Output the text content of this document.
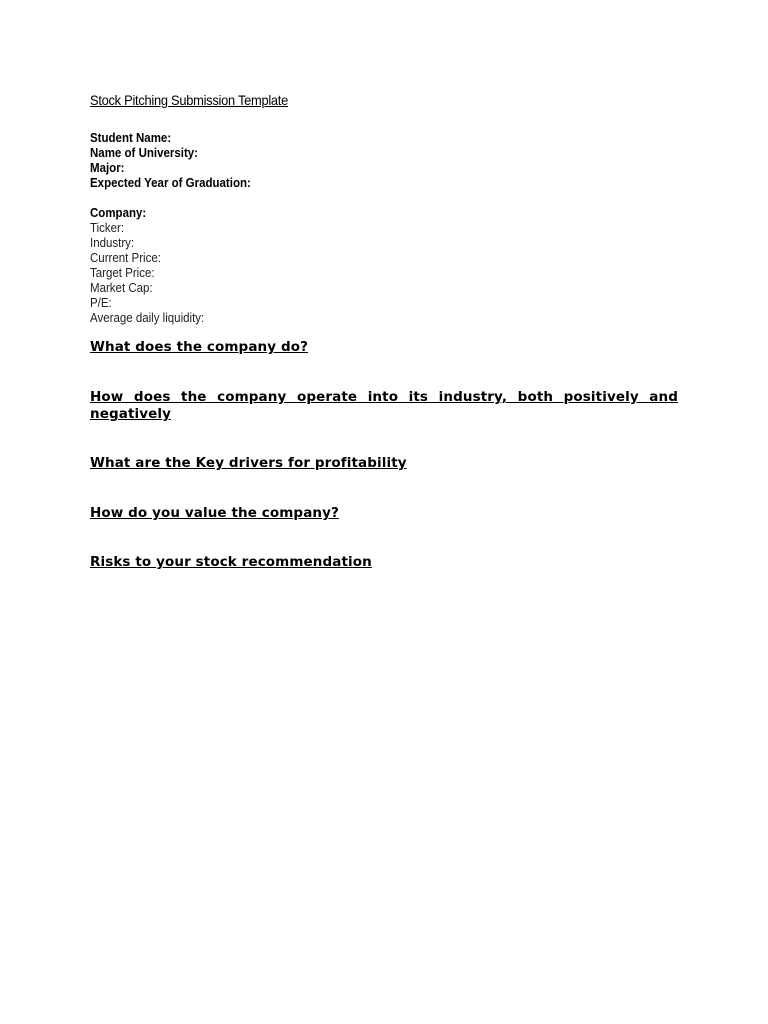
Stock Pitching Submission Template
Student Name:
Name of University:
Major:
Expected Year of Graduation:
Company:
Ticker:
Industry:
Current Price:
Target Price:
Market Cap:
P/E:
Average daily liquidity:
What does the company do?
How does the company operate into its industry, both positively and negatively
What are the Key drivers for profitability
How do you value the company?
Risks to your stock recommendation
